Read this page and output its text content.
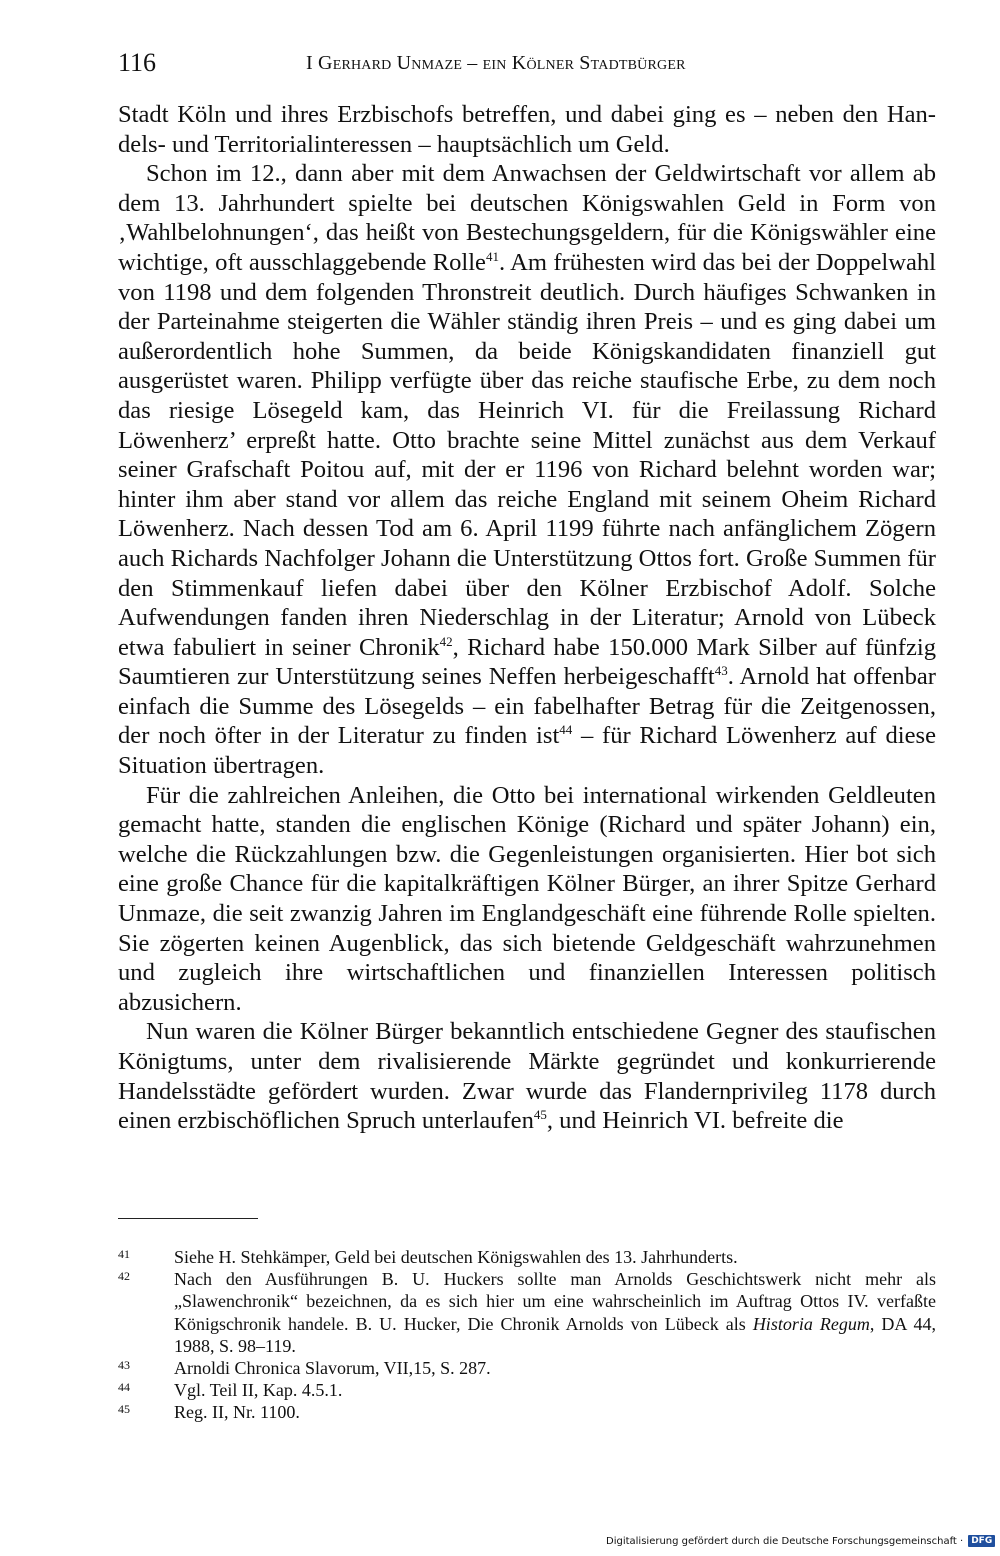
116	I Gerhard Unmaze – ein Kölner Stadtbürger

Stadt Köln und ihres Erzbischofs betreffen, und dabei ging es – neben den Handels- und Territorialinteressen – hauptsächlich um Geld.

Schon im 12., dann aber mit dem Anwachsen der Geldwirtschaft vor allem ab dem 13. Jahrhundert spielte bei deutschen Königswahlen Geld in Form von ‚Wahlbelohnungen‘, das heißt von Bestechungsgeldern, für die Königswähler eine wichtige, oft ausschlaggebende Rolle$^{41}$. Am frühesten wird das bei der Doppelwahl von 1198 und dem folgenden Thronstreit deutlich. Durch häufiges Schwanken in der Parteinahme steigerten die Wähler ständig ihren Preis – und es ging dabei um außerordentlich hohe Summen, da beide Königskandidaten finanziell gut ausgerüstet waren. Philipp verfügte über das reiche staufische Erbe, zu dem noch das riesige Lösegeld kam, das Heinrich VI. für die Freilassung Richard Löwenherz’ erpreßt hatte. Otto brachte seine Mittel zunächst aus dem Verkauf seiner Grafschaft Poitou auf, mit der er 1196 von Richard belehnt worden war; hinter ihm aber stand vor allem das reiche England mit seinem Oheim Richard Löwenherz. Nach dessen Tod am 6. April 1199 führte nach anfänglichem Zögern auch Richards Nachfolger Johann die Unterstützung Ottos fort. Große Summen für den Stimmenkauf liefen dabei über den Kölner Erzbischof Adolf. Solche Aufwendungen fanden ihren Niederschlag in der Literatur; Arnold von Lübeck etwa fabuliert in seiner Chronik$^{42}$, Richard habe 150.000 Mark Silber auf fünfzig Saumtieren zur Unterstützung seines Neffen herbeigeschafft$^{43}$. Arnold hat offenbar einfach die Summe des Lösegelds – ein fabelhafter Betrag für die Zeitgenossen, der noch öfter in der Literatur zu finden ist$^{44}$ – für Richard Löwenherz auf diese Situation übertragen.

Für die zahlreichen Anleihen, die Otto bei international wirkenden Geldleuten gemacht hatte, standen die englischen Könige (Richard und später Johann) ein, welche die Rückzahlungen bzw. die Gegenleistungen organisierten. Hier bot sich eine große Chance für die kapitalkräftigen Kölner Bürger, an ihrer Spitze Gerhard Unmaze, die seit zwanzig Jahren im Englandgeschäft eine führende Rolle spielten. Sie zögerten keinen Augenblick, das sich bietende Geldgeschäft wahrzunehmen und zugleich ihre wirtschaftlichen und finanziellen Interessen politisch abzusichern.

Nun waren die Kölner Bürger bekanntlich entschiedene Gegner des staufischen Königtums, unter dem rivalisierende Märkte gegründet und konkurrierende Handelsstädte gefördert wurden. Zwar wurde das Flandernprivileg 1178 durch einen erzbischöflichen Spruch unterlaufen$^{45}$, und Heinrich VI. befreite die

41 Siehe H. Stehkämper, Geld bei deutschen Königswahlen des 13. Jahrhunderts.
42 Nach den Ausführungen B. U. Huckers sollte man Arnolds Geschichtswerk nicht mehr als „Slawenchronik“ bezeichnen, da es sich hier um eine wahrscheinlich im Auftrag Ottos IV. verfaßte Königschronik handele. B. U. Hucker, Die Chronik Arnolds von Lübeck als Historia Regum, DA 44, 1988, S. 98–119.
43 Arnoldi Chronica Slavorum, VII,15, S. 287.
44 Vgl. Teil II, Kap. 4.5.1.
45 Reg. II, Nr. 1100.
Digitalisierung gefördert durch die Deutsche Forschungsgemeinschaft · DFG
